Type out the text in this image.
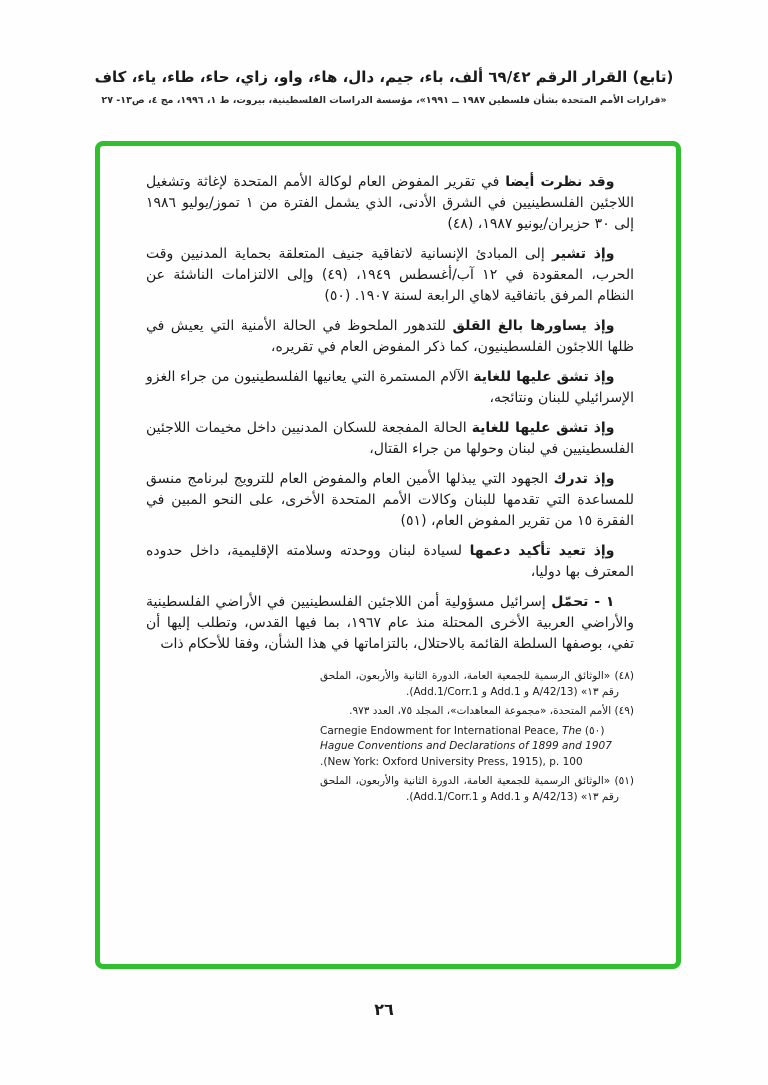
(تابع) القرار الرقم ٦٩/٤٢ ألف، باء، جيم، دال، هاء، واو، زاي، حاء، طاء، ياء، كاف
«قرارات الأمم المتحدة بشأن فلسطين ١٩٨٧ ــ ١٩٩١»، مؤسسة الدراسات الفلسطينية، بيروت، ط ١، ١٩٩٦، مج ٤، ص١٣- ٢٧

وقد نظرت أيضا في تقرير المفوض العام لوكالة الأمم المتحدة لإغاثة وتشغيل اللاجئين الفلسطينيين في الشرق الأدنى، الذي يشمل الفترة من ١ تموز/يوليو ١٩٨٦ إلى ٣٠ حزيران/يونيو ١٩٨٧، (٤٨)

وإذ تشير إلى المبادئ الإنسانية لاتفاقية جنيف المتعلقة بحماية المدنيين وقت الحرب، المعقودة في ١٢ آب/أغسطس ١٩٤٩، (٤٩) وإلى الالتزامات الناشئة عن النظام المرفق باتفاقية لاهاي الرابعة لسنة ١٩٠٧. (٥٠)

وإذ يساورها بالغ القلق للتدهور الملحوظ في الحالة الأمنية التي يعيش في ظلها اللاجئون الفلسطينيون، كما ذكر المفوض العام في تقريره،

وإذ تشق عليها للغاية الآلام المستمرة التي يعانيها الفلسطينيون من جراء الغزو الإسرائيلي للبنان ونتائجه،

وإذ تشق عليها للغاية الحالة المفجعة للسكان المدنيين داخل مخيمات اللاجئين الفلسطينيين في لبنان وحولها من جراء القتال،

وإذ تدرك الجهود التي يبذلها الأمين العام والمفوض العام للترويج لبرنامج منسق للمساعدة التي تقدمها للبنان وكالات الأمم المتحدة الأخرى، على النحو المبين في الفقرة ١٥ من تقرير المفوض العام، (٥١)

وإذ تعيد تأكيد دعمها لسيادة لبنان ووحدته وسلامته الإقليمية، داخل حدوده المعترف بها دوليا،

١ - تحمّل إسرائيل مسؤولية أمن اللاجئين الفلسطينيين في الأراضي الفلسطينية والأراضي العربية الأخرى المحتلة منذ عام ١٩٦٧، بما فيها القدس، وتطلب إليها أن تفي، بوصفها السلطة القائمة بالاحتلال، بالتزاماتها في هذا الشأن، وفقا للأحكام ذات

(٤٨) «الوثائق الرسمية للجمعية العامة، الدورة الثانية والأربعون، الملحق رقم ١٣» (A/42/13 و Add.1 و Add.1/Corr.1).
(٤٩) الأمم المتحدة، «مجموعة المعاهدات»، المجلد ٧٥، العدد ٩٧٣.
(٥٠) Carnegie Endowment for International Peace, The Hague Conventions and Declarations of 1899 and 1907 (New York: Oxford University Press, 1915), p. 100.
(٥١) «الوثائق الرسمية للجمعية العامة، الدورة الثانية والأربعون، الملحق رقم ١٣» (A/42/13 و Add.1 و Add.1/Corr.1).
٢٦
